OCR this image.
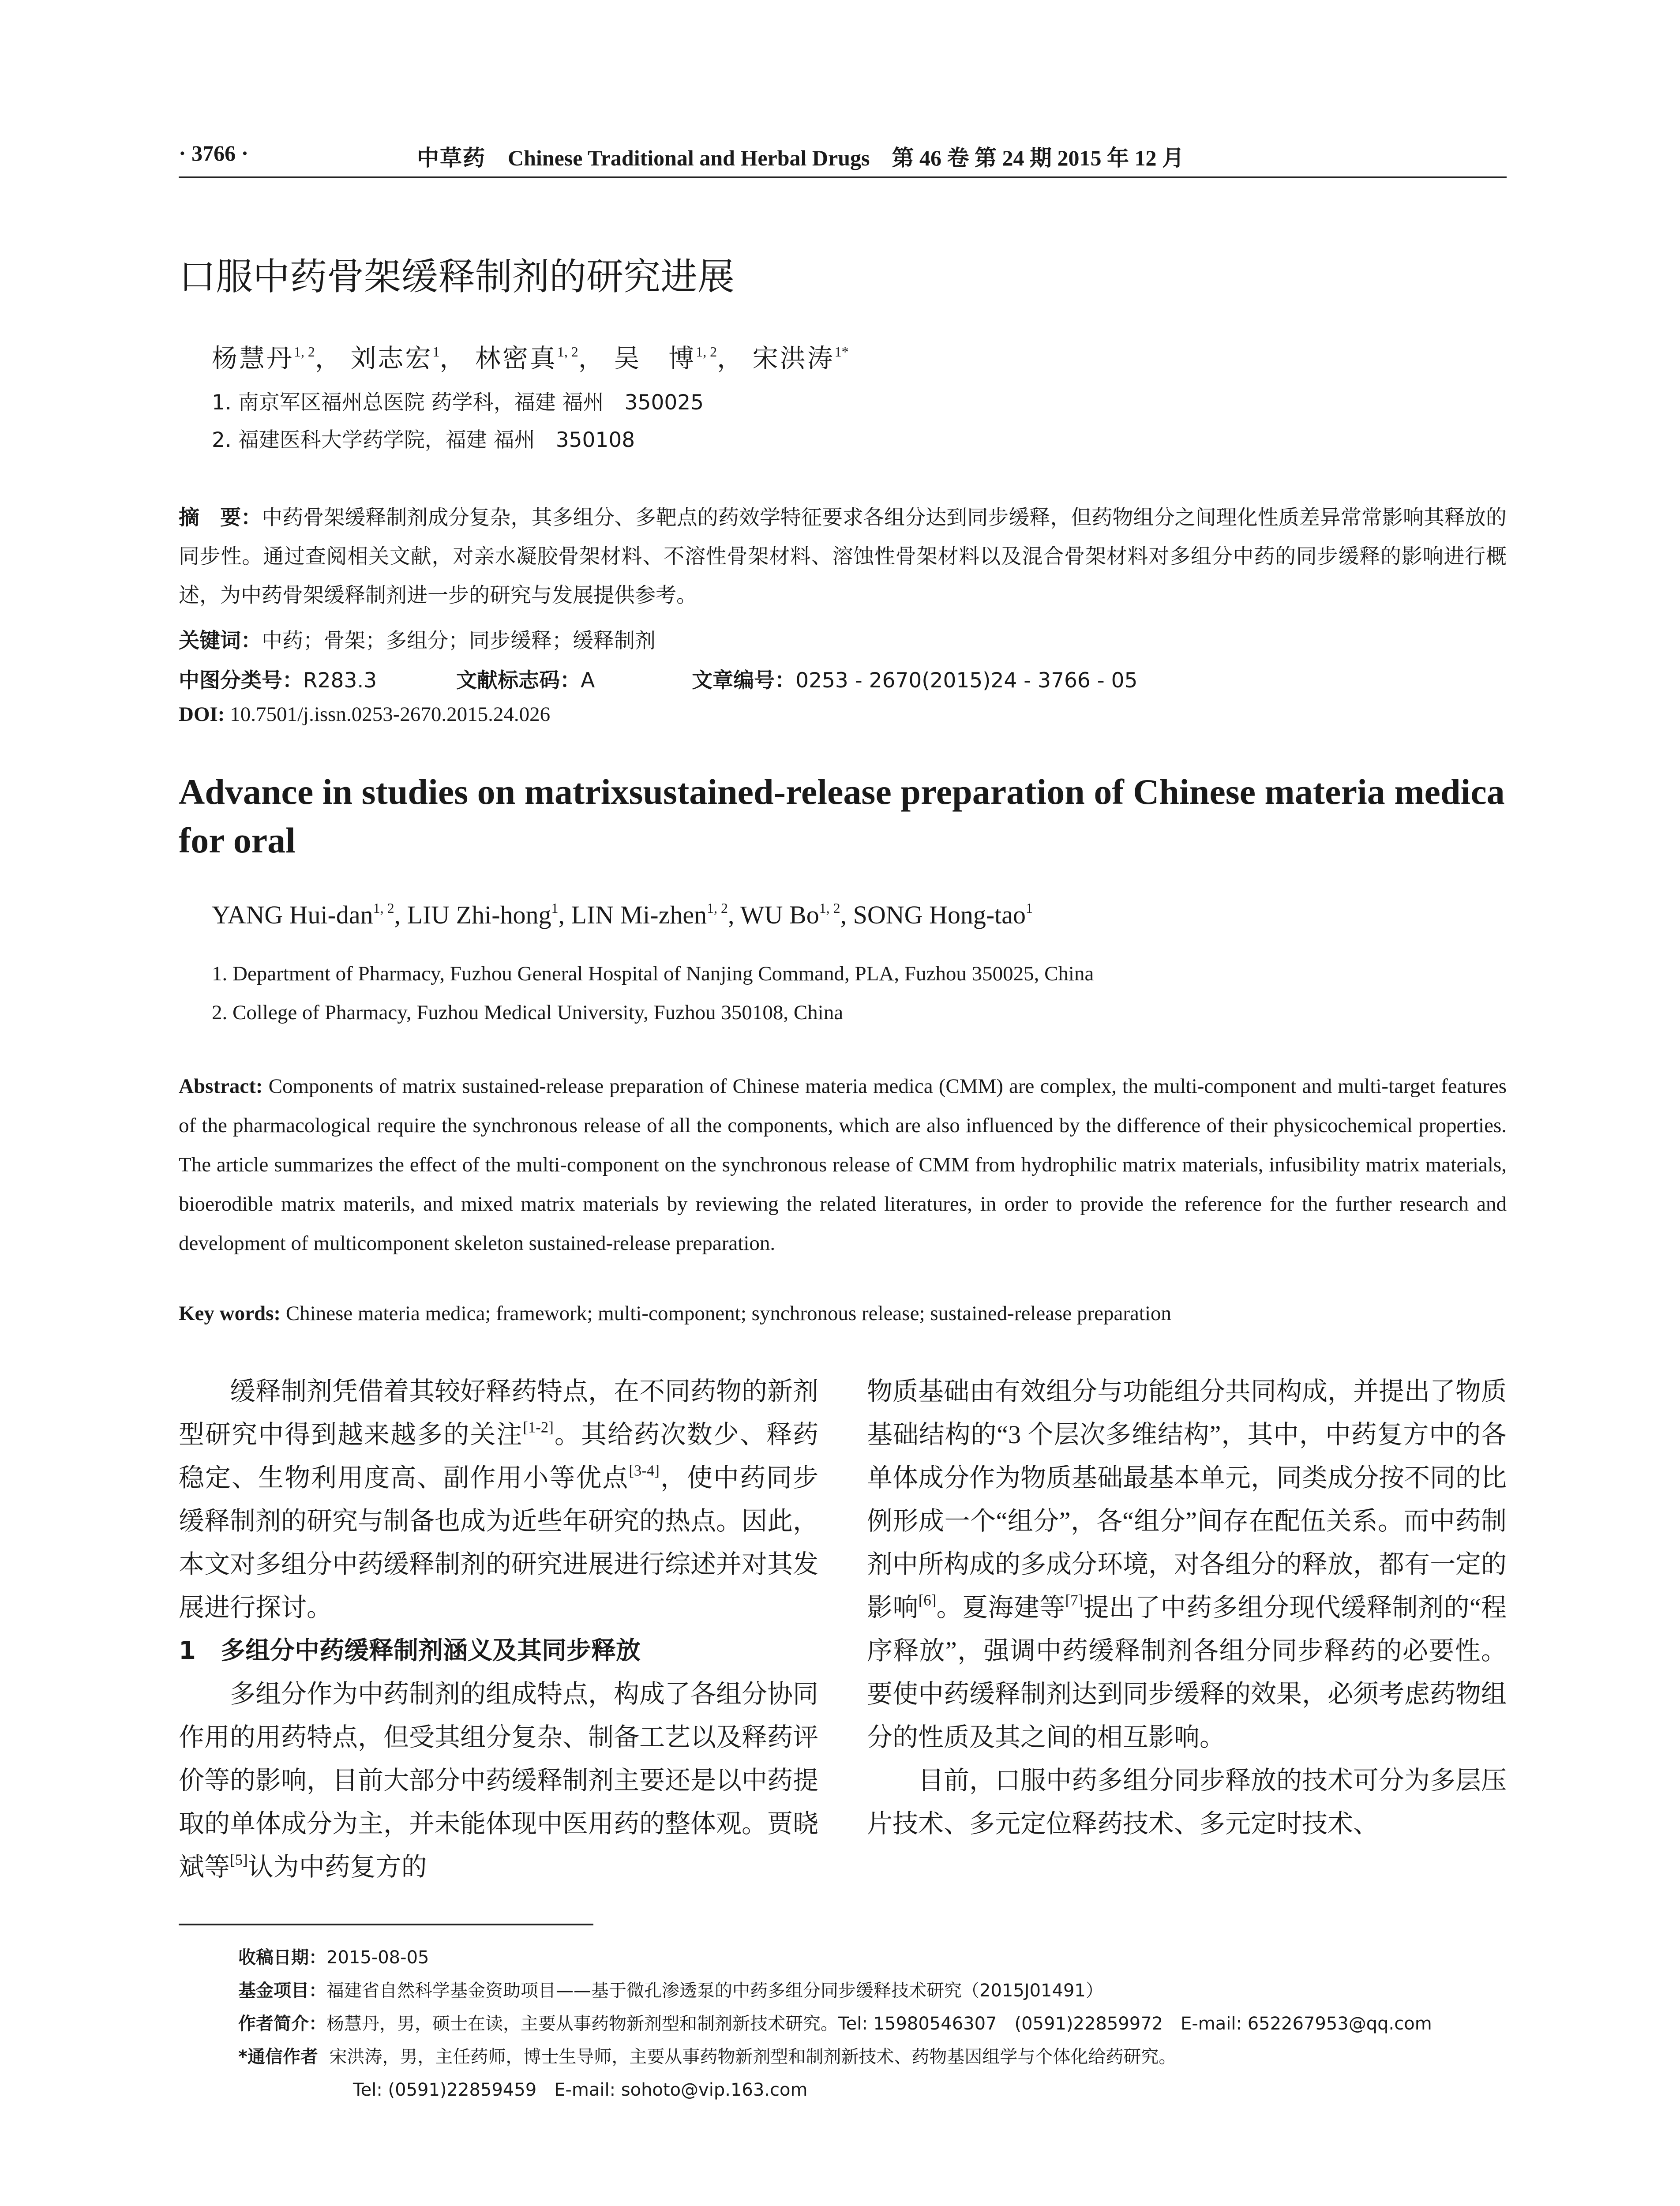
· 3766 ·	中草药 Chinese Traditional and Herbal Drugs 第 46 卷 第 24 期 2015 年 12 月
口服中药骨架缓释制剂的研究进展
杨慧丹$^{1, 2}$， 刘志宏$^1$， 林密真$^{1, 2}$， 吴　博$^{1, 2}$， 宋洪涛$^{1*}$
1. 南京军区福州总医院 药学科，福建 福州　350025
2. 福建医科大学药学院，福建 福州　350108
摘　要：中药骨架缓释制剂成分复杂，其多组分、多靶点的药效学特征要求各组分达到同步缓释，但药物组分之间理化性质差异常常影响其释放的同步性。通过查阅相关文献，对亲水凝胶骨架材料、不溶性骨架材料、溶蚀性骨架材料以及混合骨架材料对多组分中药的同步缓释的影响进行概述，为中药骨架缓释制剂进一步的研究与发展提供参考。
关键词：中药；骨架；多组分；同步缓释；缓释制剂
中图分类号：R283.3	文献标志码：A	文章编号：0253 - 2670(2015)24 - 3766 - 05
DOI: 10.7501/j.issn.0253-2670.2015.24.026
Advance in studies on matrixsustained-release preparation of Chinese materia medica for oral
YANG Hui-dan$^{1, 2}$, LIU Zhi-hong$^1$, LIN Mi-zhen$^{1, 2}$, WU Bo$^{1, 2}$, SONG Hong-tao$^1$
1. Department of Pharmacy, Fuzhou General Hospital of Nanjing Command, PLA, Fuzhou 350025, China
2. College of Pharmacy, Fuzhou Medical University, Fuzhou 350108, China
Abstract: Components of matrix sustained-release preparation of Chinese materia medica (CMM) are complex, the multi-component and multi-target features of the pharmacological require the synchronous release of all the components, which are also influenced by the difference of their physicochemical properties. The article summarizes the effect of the multi-component on the synchronous release of CMM from hydrophilic matrix materials, infusibility matrix materials, bioerodible matrix materils, and mixed matrix materials by reviewing the related literatures, in order to provide the reference for the further research and development of multicomponent skeleton sustained-release preparation.
Key words: Chinese materia medica; framework; multi-component; synchronous release; sustained-release preparation

缓释制剂凭借着其较好释药特点，在不同药物的新剂型研究中得到越来越多的关注[1-2]。其给药次数少、释药稳定、生物利用度高、副作用小等优点[3-4]，使中药同步缓释制剂的研究与制备也成为近些年研究的热点。因此，本文对多组分中药缓释制剂的研究进展进行综述并对其发展进行探讨。

1　多组分中药缓释制剂涵义及其同步释放

多组分作为中药制剂的组成特点，构成了各组分协同作用的用药特点，但受其组分复杂、制备工艺以及释药评价等的影响，目前大部分中药缓释制剂主要还是以中药提取的单体成分为主，并未能体现中医用药的整体观。贾晓斌等[5]认为中药复方的

物质基础由有效组分与功能组分共同构成，并提出了物质基础结构的“3 个层次多维结构”，其中，中药复方中的各单体成分作为物质基础最基本单元，同类成分按不同的比例形成一个“组分”，各“组分”间存在配伍关系。而中药制剂中所构成的多成分环境，对各组分的释放，都有一定的影响[6]。夏海建等[7]提出了中药多组分现代缓释制剂的“程序释放”，强调中药缓释制剂各组分同步释药的必要性。要使中药缓释制剂达到同步缓释的效果，必须考虑药物组分的性质及其之间的相互影响。

目前，口服中药多组分同步释放的技术可分为多层压片技术、多元定位释药技术、多元定时技术、

收稿日期：2015-08-05
基金项目：福建省自然科学基金资助项目——基于微孔渗透泵的中药多组分同步缓释技术研究（2015J01491）
作者简介：杨慧丹，男，硕士在读，主要从事药物新剂型和制剂新技术研究。Tel: 15980546307　(0591)22859972　E-mail: 652267953@qq.com
*通信作者 宋洪涛，男，主任药师，博士生导师，主要从事药物新剂型和制剂新技术、药物基因组学与个体化给药研究。
Tel: (0591)22859459　E-mail: sohoto@vip.163.com
